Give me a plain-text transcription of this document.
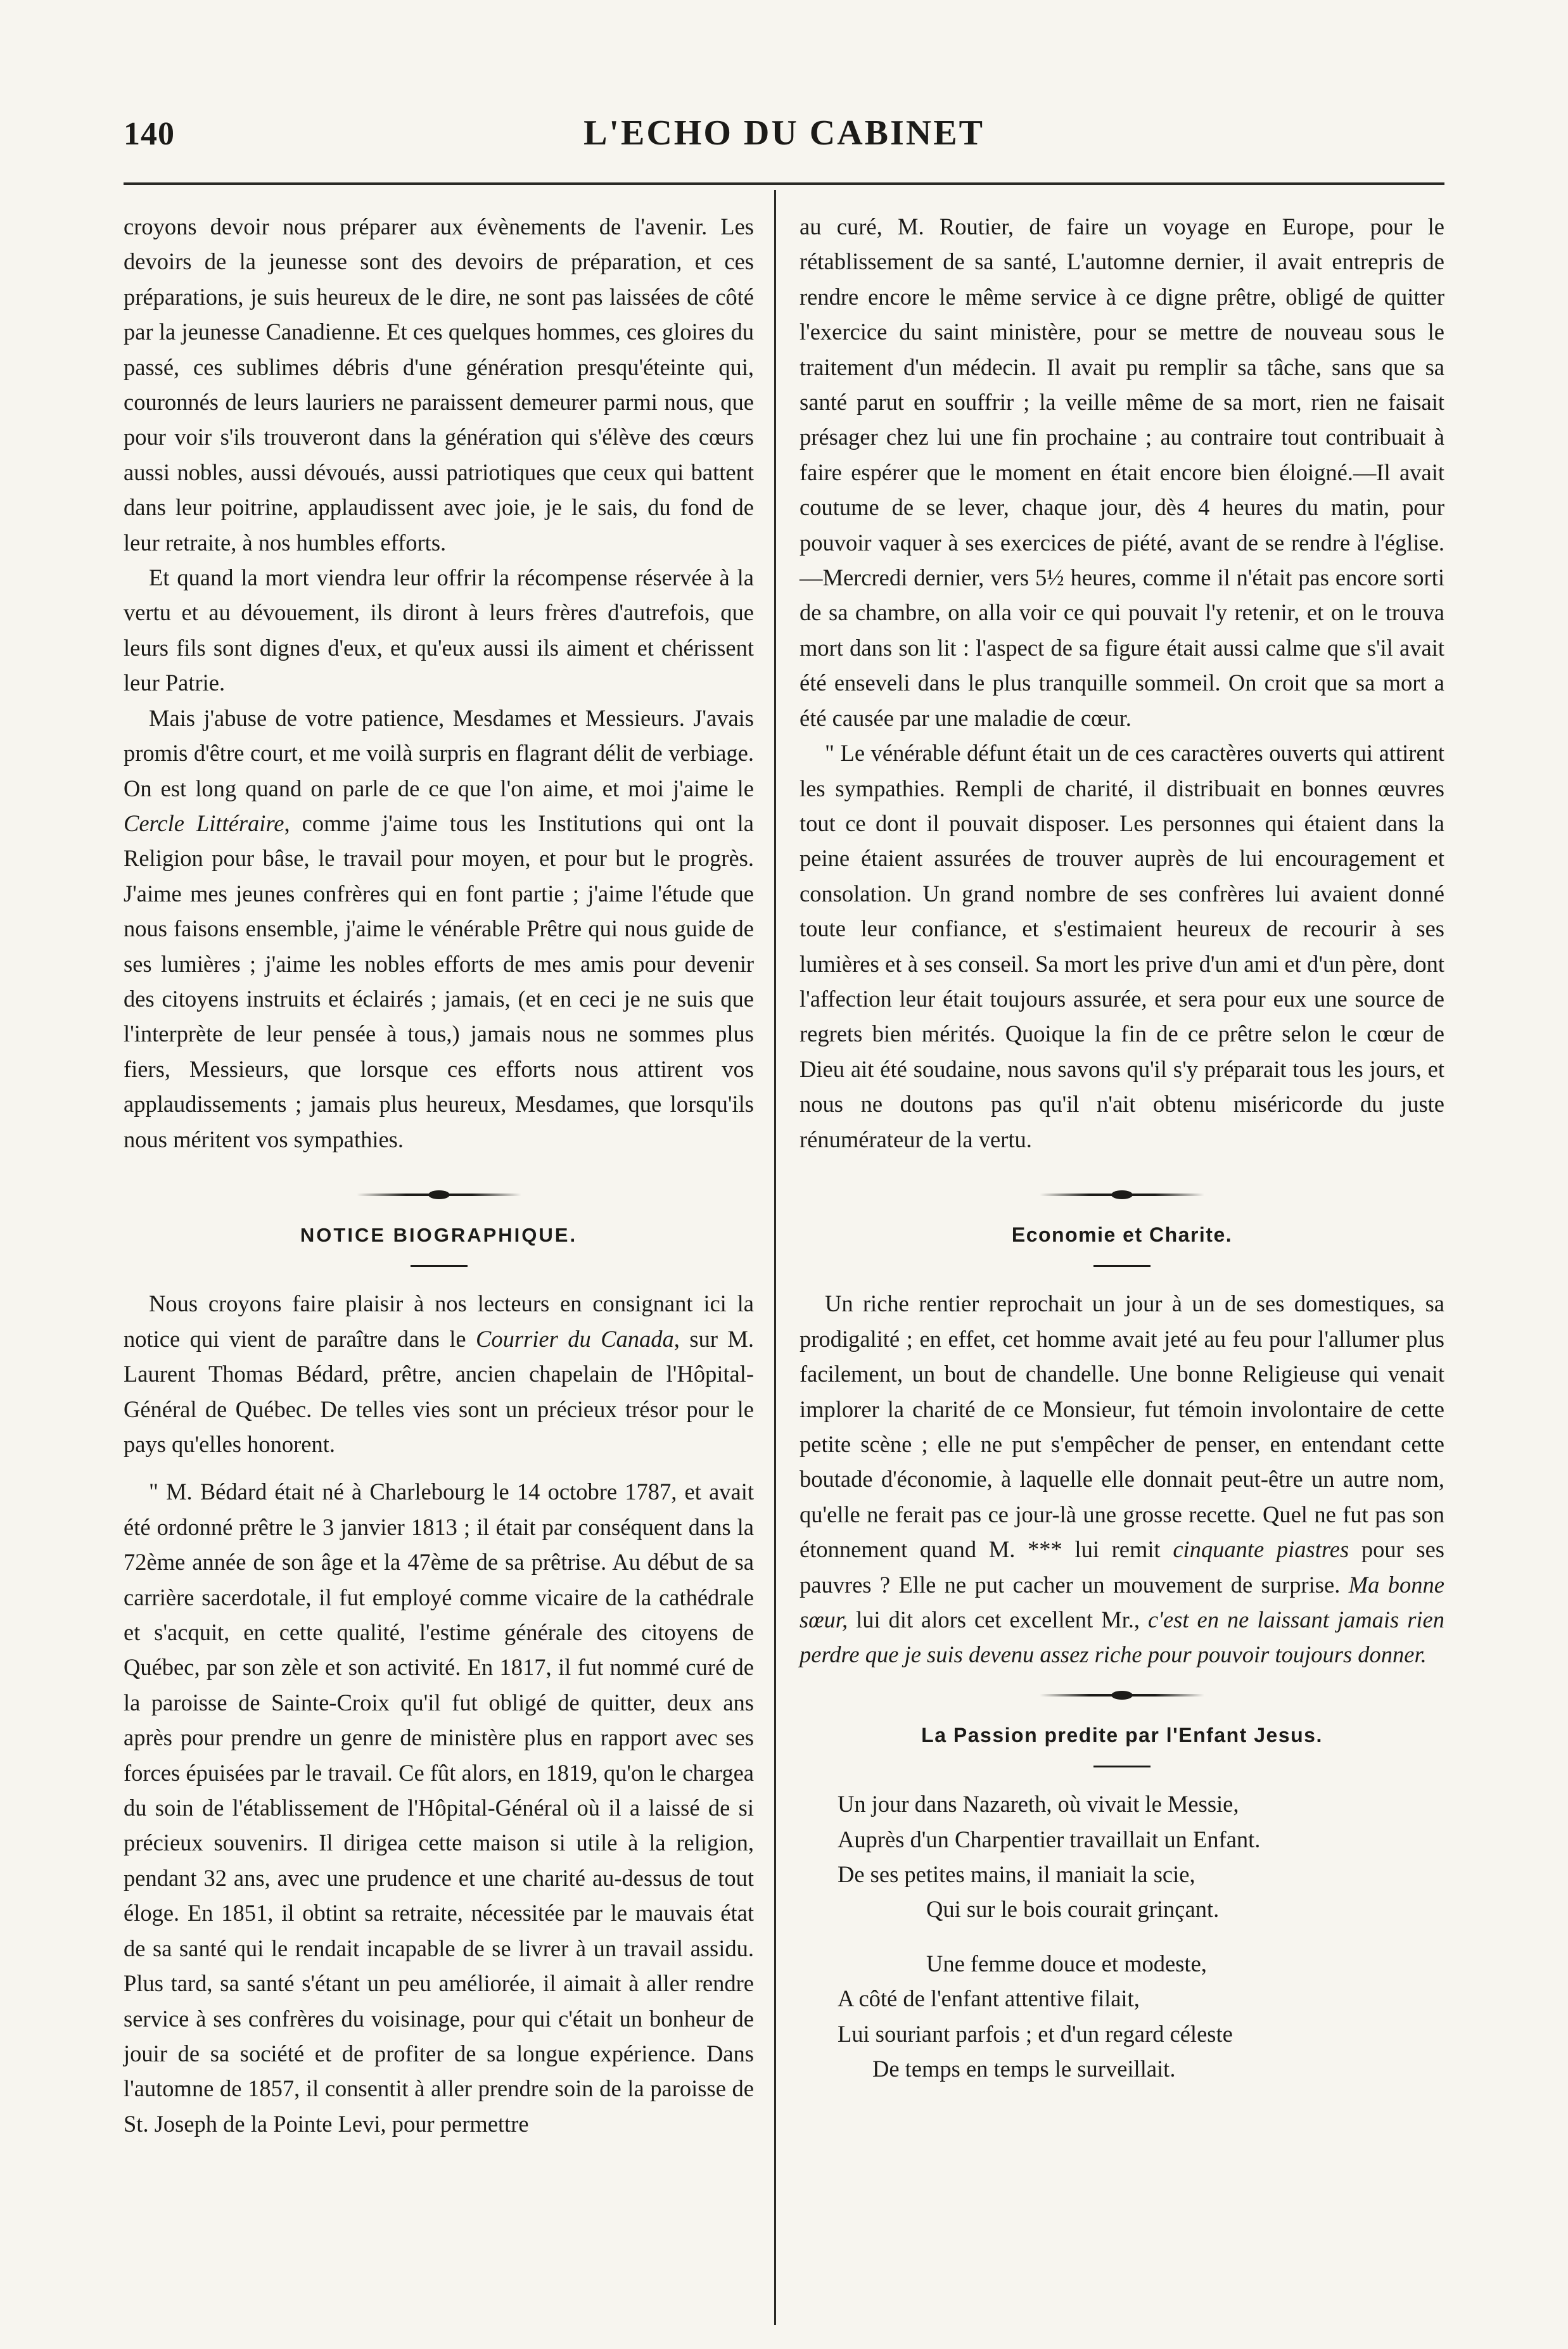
140	L'ECHO DU CABINET

croyons devoir nous préparer aux évènements de l'avenir. Les devoirs de la jeunesse sont des devoirs de préparation, et ces préparations, je suis heureux de le dire, ne sont pas laissées de côté par la jeunesse Canadienne. Et ces quelques hommes, ces gloires du passé, ces sublimes débris d'une génération presqu'éteinte qui, couronnés de leurs lauriers ne paraissent demeurer parmi nous, que pour voir s'ils trouveront dans la génération qui s'élève des cœurs aussi nobles, aussi dévoués, aussi patriotiques que ceux qui battent dans leur poitrine, applaudissent avec joie, je le sais, du fond de leur retraite, à nos humbles efforts.

Et quand la mort viendra leur offrir la récompense réservée à la vertu et au dévouement, ils diront à leurs frères d'autrefois, que leurs fils sont dignes d'eux, et qu'eux aussi ils aiment et chérissent leur Patrie.

Mais j'abuse de votre patience, Mesdames et Messieurs. J'avais promis d'être court, et me voilà surpris en flagrant délit de verbiage. On est long quand on parle de ce que l'on aime, et moi j'aime le Cercle Littéraire, comme j'aime tous les Institutions qui ont la Religion pour bâse, le travail pour moyen, et pour but le progrès. J'aime mes jeunes confrères qui en font partie ; j'aime l'étude que nous faisons ensemble, j'aime le vénérable Prêtre qui nous guide de ses lumières ; j'aime les nobles efforts de mes amis pour devenir des citoyens instruits et éclairés ; jamais, (et en ceci je ne suis que l'interprète de leur pensée à tous,) jamais nous ne sommes plus fiers, Messieurs, que lorsque ces efforts nous attirent vos applaudissements ; jamais plus heureux, Mesdames, que lorsqu'ils nous méritent vos sympathies.

NOTICE BIOGRAPHIQUE.

Nous croyons faire plaisir à nos lecteurs en consignant ici la notice qui vient de paraître dans le Courrier du Canada, sur M. Laurent Thomas Bédard, prêtre, ancien chapelain de l'Hôpital-Général de Québec. De telles vies sont un précieux trésor pour le pays qu'elles honorent.

" M. Bédard était né à Charlebourg le 14 octobre 1787, et avait été ordonné prêtre le 3 janvier 1813 ; il était par conséquent dans la 72ème année de son âge et la 47ème de sa prêtrise. Au début de sa carrière sacerdotale, il fut employé comme vicaire de la cathédrale et s'acquit, en cette qualité, l'estime générale des citoyens de Québec, par son zèle et son activité. En 1817, il fut nommé curé de la paroisse de Sainte-Croix qu'il fut obligé de quitter, deux ans après pour prendre un genre de ministère plus en rapport avec ses forces épuisées par le travail. Ce fût alors, en 1819, qu'on le chargea du soin de l'établissement de l'Hôpital-Général où il a laissé de si précieux souvenirs. Il dirigea cette maison si utile à la religion, pendant 32 ans, avec une prudence et une charité au-dessus de tout éloge. En 1851, il obtint sa retraite, nécessitée par le mauvais état de sa santé qui le rendait incapable de se livrer à un travail assidu. Plus tard, sa santé s'étant un peu améliorée, il aimait à aller rendre service à ses confrères du voisinage, pour qui c'était un bonheur de jouir de sa société et de profiter de sa longue expérience. Dans l'automne de 1857, il consentit à aller prendre soin de la paroisse de St. Joseph de la Pointe Levi, pour permettre

au curé, M. Routier, de faire un voyage en Europe, pour le rétablissement de sa santé, L'automne dernier, il avait entrepris de rendre encore le même service à ce digne prêtre, obligé de quitter l'exercice du saint ministère, pour se mettre de nouveau sous le traitement d'un médecin. Il avait pu remplir sa tâche, sans que sa santé parut en souffrir ; la veille même de sa mort, rien ne faisait présager chez lui une fin prochaine ; au contraire tout contribuait à faire espérer que le moment en était encore bien éloigné.—Il avait coutume de se lever, chaque jour, dès 4 heures du matin, pour pouvoir vaquer à ses exercices de piété, avant de se rendre à l'église.—Mercredi dernier, vers 5½ heures, comme il n'était pas encore sorti de sa chambre, on alla voir ce qui pouvait l'y retenir, et on le trouva mort dans son lit : l'aspect de sa figure était aussi calme que s'il avait été enseveli dans le plus tranquille sommeil. On croit que sa mort a été causée par une maladie de cœur.

" Le vénérable défunt était un de ces caractères ouverts qui attirent les sympathies. Rempli de charité, il distribuait en bonnes œuvres tout ce dont il pouvait disposer. Les personnes qui étaient dans la peine étaient assurées de trouver auprès de lui encouragement et consolation. Un grand nombre de ses confrères lui avaient donné toute leur confiance, et s'estimaient heureux de recourir à ses lumières et à ses conseil. Sa mort les prive d'un ami et d'un père, dont l'affection leur était toujours assurée, et sera pour eux une source de regrets bien mérités. Quoique la fin de ce prêtre selon le cœur de Dieu ait été soudaine, nous savons qu'il s'y préparait tous les jours, et nous ne doutons pas qu'il n'ait obtenu miséricorde du juste rénumérateur de la vertu.

Economie et Charite.

Un riche rentier reprochait un jour à un de ses domestiques, sa prodigalité ; en effet, cet homme avait jeté au feu pour l'allumer plus facilement, un bout de chandelle. Une bonne Religieuse qui venait implorer la charité de ce Monsieur, fut témoin involontaire de cette petite scène ; elle ne put s'empêcher de penser, en entendant cette boutade d'économie, à laquelle elle donnait peut-être un autre nom, qu'elle ne ferait pas ce jour-là une grosse recette. Quel ne fut pas son étonnement quand M. *** lui remit cinquante piastres pour ses pauvres ? Elle ne put cacher un mouvement de surprise. Ma bonne sœur, lui dit alors cet excellent Mr., c'est en ne laissant jamais rien perdre que je suis devenu assez riche pour pouvoir toujours donner.

La Passion predite par l'Enfant Jesus.
Un jour dans Nazareth, où vivait le Messie,
Auprès d'un Charpentier travaillait un Enfant.
De ses petites mains, il maniait la scie,
Qui sur le bois courait grinçant.
Une femme douce et modeste,
A côté de l'enfant attentive filait,
Lui souriant parfois ; et d'un regard céleste
De temps en temps le surveillait.
